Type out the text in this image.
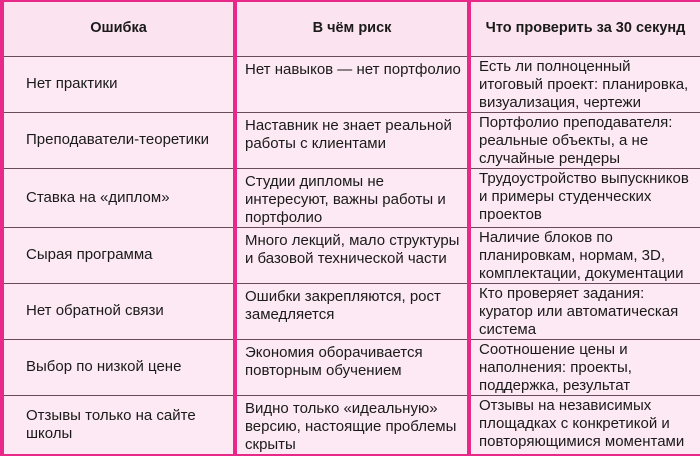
Ошибка	В чём риск	Что проверить за 30 секунд

Нет практики	Нет навыков — нет портфолио	Есть ли полноценный итоговый проект: планировка, визуализация, чертежи

Преподаватели-теоретики	Наставник не знает реальной работы с клиентами	Портфолио преподавателя: реальные объекты, а не случайные рендеры

Ставка на «диплом»	Студии дипломы не интересуют, важны работы и портфолио	Трудоустройство выпускников и примеры студенческих проектов

Сырая программа	Много лекций, мало структуры и базовой технической части	Наличие блоков по планировкам, нормам, 3D, комплектации, документации

Нет обратной связи	Ошибки закрепляются, рост замедляется	Кто проверяет задания: куратор или автоматическая система

Выбор по низкой цене	Экономия оборачивается повторным обучением	Соотношение цены и наполнения: проекты, поддержка, результат

Отзывы только на сайте школы	Видно только «идеальную» версию, настоящие проблемы скрыты	Отзывы на независимых площадках с конкретикой и повторяющимися моментами
